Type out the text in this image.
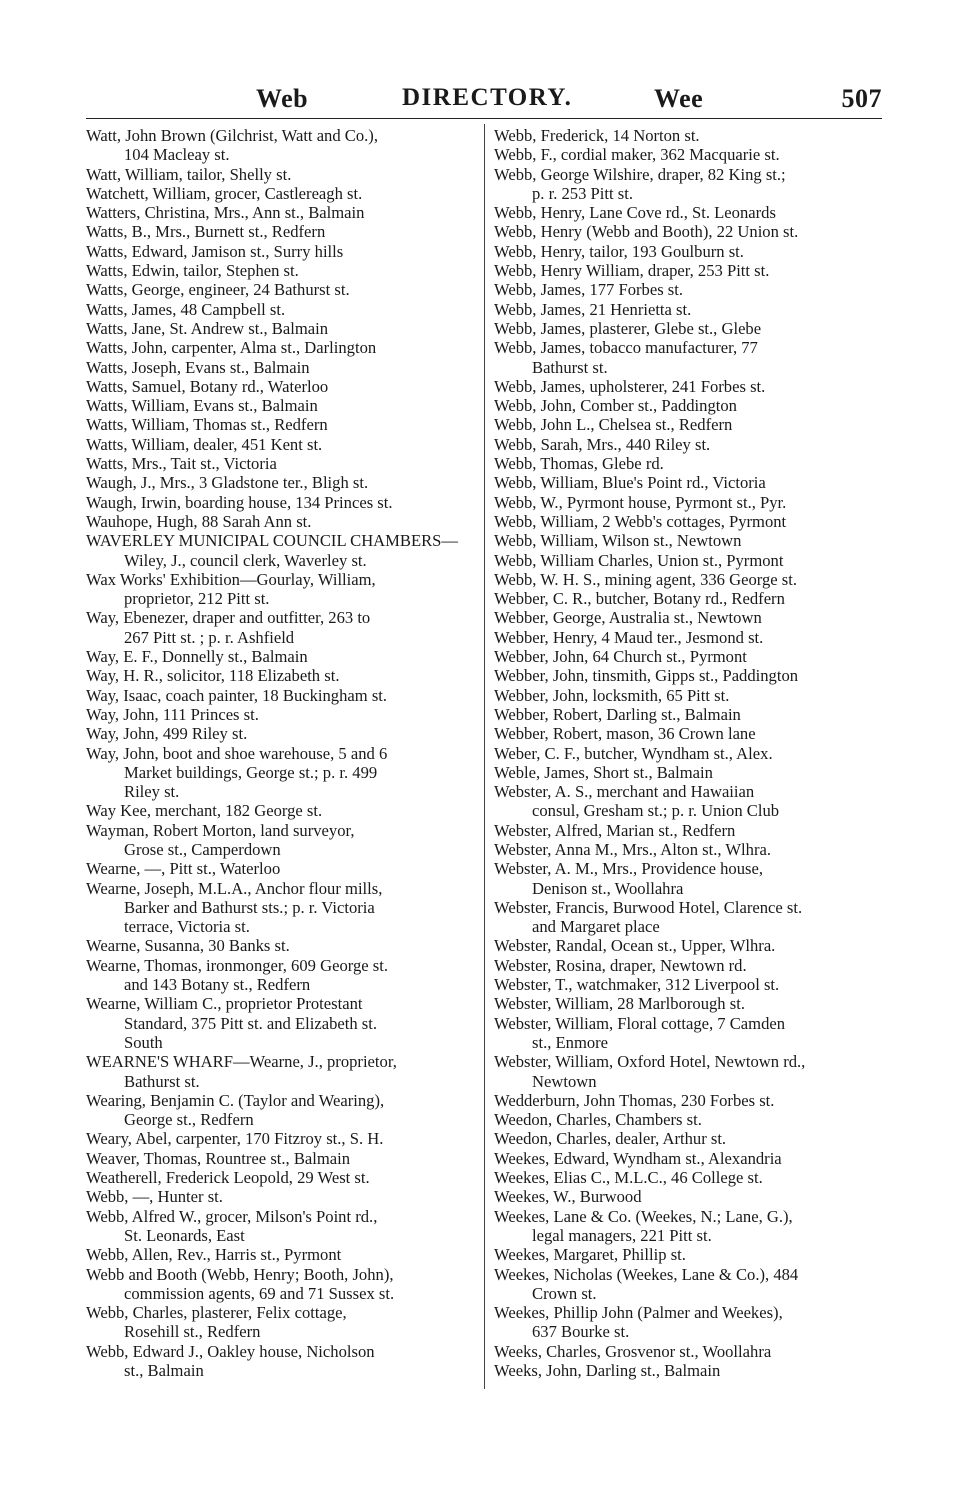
Web	DIRECTORY.	Wee	507
Watt, John Brown (Gilchrist, Watt and Co.),
104 Macleay st.
Watt, William, tailor, Shelly st.
Watchett, William, grocer, Castlereagh st.
Watters, Christina, Mrs., Ann st., Balmain
Watts, B., Mrs., Burnett st., Redfern
Watts, Edward, Jamison st., Surry hills
Watts, Edwin, tailor, Stephen st.
Watts, George, engineer, 24 Bathurst st.
Watts, James, 48 Campbell st.
Watts, Jane, St. Andrew st., Balmain
Watts, John, carpenter, Alma st., Darlington
Watts, Joseph, Evans st., Balmain
Watts, Samuel, Botany rd., Waterloo
Watts, William, Evans st., Balmain
Watts, William, Thomas st., Redfern
Watts, William, dealer, 451 Kent st.
Watts, Mrs., Tait st., Victoria
Waugh, J., Mrs., 3 Gladstone ter., Bligh st.
Waugh, Irwin, boarding house, 134 Princes st.
Wauhope, Hugh, 88 Sarah Ann st.
WAVERLEY MUNICIPAL COUNCIL CHAMBERS—
Wiley, J., council clerk, Waverley st.
Wax Works' Exhibition—Gourlay, William,
proprietor, 212 Pitt st.
Way, Ebenezer, draper and outfitter, 263 to
267 Pitt st. ; p. r. Ashfield
Way, E. F., Donnelly st., Balmain
Way, H. R., solicitor, 118 Elizabeth st.
Way, Isaac, coach painter, 18 Buckingham st.
Way, John, 111 Princes st.
Way, John, 499 Riley st.
Way, John, boot and shoe warehouse, 5 and 6
Market buildings, George st.; p. r. 499
Riley st.
Way Kee, merchant, 182 George st.
Wayman, Robert Morton, land surveyor,
Grose st., Camperdown
Wearne, —, Pitt st., Waterloo
Wearne, Joseph, M.L.A., Anchor flour mills,
Barker and Bathurst sts.; p. r. Victoria
terrace, Victoria st.
Wearne, Susanna, 30 Banks st.
Wearne, Thomas, ironmonger, 609 George st.
and 143 Botany st., Redfern
Wearne, William C., proprietor Protestant
Standard, 375 Pitt st. and Elizabeth st.
South
WEARNE'S WHARF—Wearne, J., proprietor,
Bathurst st.
Wearing, Benjamin C. (Taylor and Wearing),
George st., Redfern
Weary, Abel, carpenter, 170 Fitzroy st., S. H.
Weaver, Thomas, Rountree st., Balmain
Weatherell, Frederick Leopold, 29 West st.
Webb, —, Hunter st.
Webb, Alfred W., grocer, Milson's Point rd.,
St. Leonards, East
Webb, Allen, Rev., Harris st., Pyrmont
Webb and Booth (Webb, Henry; Booth, John),
commission agents, 69 and 71 Sussex st.
Webb, Charles, plasterer, Felix cottage,
Rosehill st., Redfern
Webb, Edward J., Oakley house, Nicholson
st., Balmain
Webb, Frederick, 14 Norton st.
Webb, F., cordial maker, 362 Macquarie st.
Webb, George Wilshire, draper, 82 King st.;
p. r. 253 Pitt st.
Webb, Henry, Lane Cove rd., St. Leonards
Webb, Henry (Webb and Booth), 22 Union st.
Webb, Henry, tailor, 193 Goulburn st.
Webb, Henry William, draper, 253 Pitt st.
Webb, James, 177 Forbes st.
Webb, James, 21 Henrietta st.
Webb, James, plasterer, Glebe st., Glebe
Webb, James, tobacco manufacturer, 77
Bathurst st.
Webb, James, upholsterer, 241 Forbes st.
Webb, John, Comber st., Paddington
Webb, John L., Chelsea st., Redfern
Webb, Sarah, Mrs., 440 Riley st.
Webb, Thomas, Glebe rd.
Webb, William, Blue's Point rd., Victoria
Webb, W., Pyrmont house, Pyrmont st., Pyr.
Webb, William, 2 Webb's cottages, Pyrmont
Webb, William, Wilson st., Newtown
Webb, William Charles, Union st., Pyrmont
Webb, W. H. S., mining agent, 336 George st.
Webber, C. R., butcher, Botany rd., Redfern
Webber, George, Australia st., Newtown
Webber, Henry, 4 Maud ter., Jesmond st.
Webber, John, 64 Church st., Pyrmont
Webber, John, tinsmith, Gipps st., Paddington
Webber, John, locksmith, 65 Pitt st.
Webber, Robert, Darling st., Balmain
Webber, Robert, mason, 36 Crown lane
Weber, C. F., butcher, Wyndham st., Alex.
Weble, James, Short st., Balmain
Webster, A. S., merchant and Hawaiian
consul, Gresham st.; p. r. Union Club
Webster, Alfred, Marian st., Redfern
Webster, Anna M., Mrs., Alton st., Wlhra.
Webster, A. M., Mrs., Providence house,
Denison st., Woollahra
Webster, Francis, Burwood Hotel, Clarence st.
and Margaret place
Webster, Randal, Ocean st., Upper, Wlhra.
Webster, Rosina, draper, Newtown rd.
Webster, T., watchmaker, 312 Liverpool st.
Webster, William, 28 Marlborough st.
Webster, William, Floral cottage, 7 Camden
st., Enmore
Webster, William, Oxford Hotel, Newtown rd.,
Newtown
Wedderburn, John Thomas, 230 Forbes st.
Weedon, Charles, Chambers st.
Weedon, Charles, dealer, Arthur st.
Weekes, Edward, Wyndham st., Alexandria
Weekes, Elias C., M.L.C., 46 College st.
Weekes, W., Burwood
Weekes, Lane & Co. (Weekes, N.; Lane, G.),
legal managers, 221 Pitt st.
Weekes, Margaret, Phillip st.
Weekes, Nicholas (Weekes, Lane & Co.), 484
Crown st.
Weekes, Phillip John (Palmer and Weekes),
637 Bourke st.
Weeks, Charles, Grosvenor st., Woollahra
Weeks, John, Darling st., Balmain
